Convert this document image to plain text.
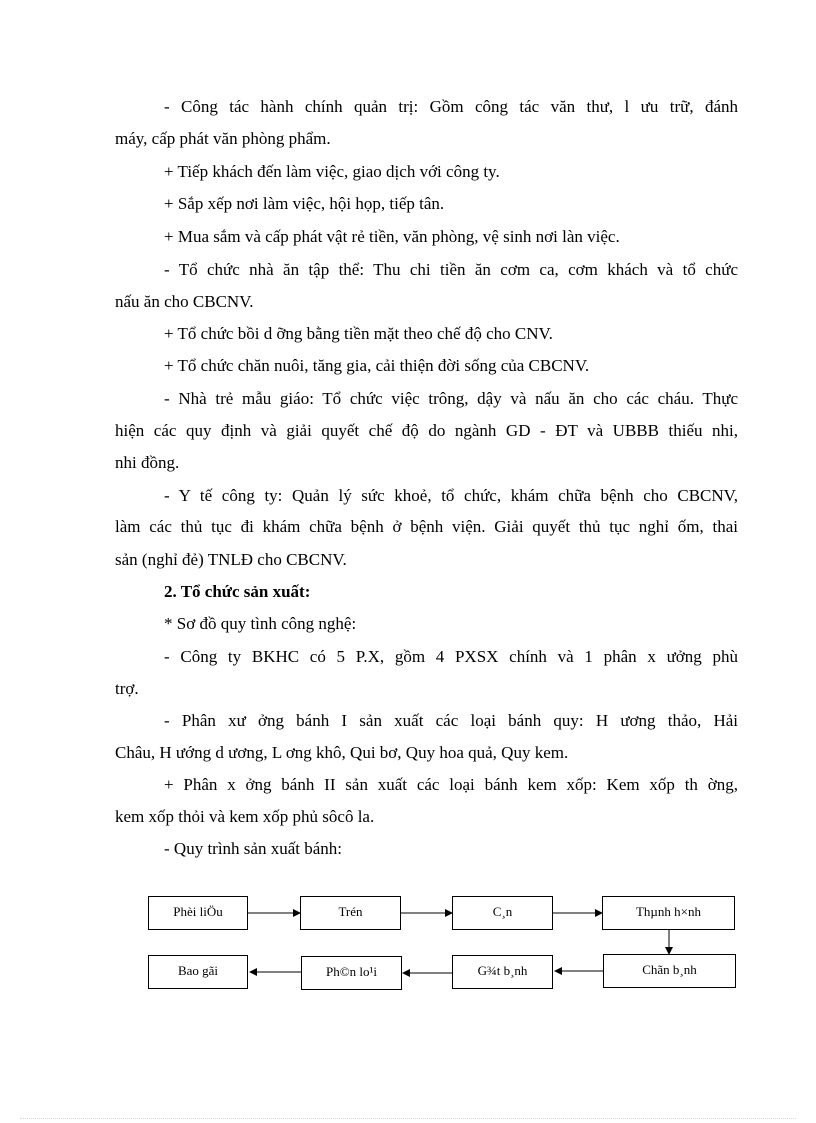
- Công tác hành chính quản trị: Gồm công tác văn thư, l ưu trữ, đánh
máy, cấp phát văn phòng phẩm.
+ Tiếp khách đến làm việc, giao dịch với công ty.
+ Sắp xếp nơi làm việc, hội họp, tiếp tân.
+ Mua sắm và cấp phát vật rẻ tiền, văn phòng, vệ sinh nơi làn việc.
- Tổ chức nhà ăn tập thể: Thu chi tiền ăn cơm ca, cơm khách và tổ chức
nấu ăn cho CBCNV.
+ Tổ chức bồi d ỡng bằng tiền mặt theo chế độ cho CNV.
+ Tổ chức chăn nuôi, tăng gia, cải thiện đời sống của CBCNV.
- Nhà trẻ mẫu giáo: Tổ chức việc trông, dậy và nấu ăn cho các cháu. Thực
hiện các quy định và giải quyết chế độ do ngành GD - ĐT và UBBB thiếu nhi,
nhi đồng.
- Y tế công ty: Quản lý sức khoẻ, tổ chức, khám chữa bệnh cho CBCNV,
làm các thủ tục đi khám chữa bệnh ở bệnh viện. Giải quyết thủ tục nghỉ ốm, thai
sản (nghỉ đẻ) TNLĐ cho CBCNV.
2. Tổ chức sản xuất:
* Sơ đồ quy tình công nghệ:
- Công ty BKHC có 5 P.X, gồm 4 PXSX chính và 1 phân x ưởng phù
trợ.
- Phân xư ởng bánh I sản xuất các loại bánh quy: H ương thảo, Hải
Châu, H ướng d ương, L ơng khô, Qui bơ, Quy hoa quả, Quy kem.
+ Phân x ởng bánh II sản xuất các loại bánh kem xốp: Kem xốp th ờng,
kem xốp thỏi và kem xốp phủ sôcô la.
- Quy trình sản xuất bánh:
Phèi liÖu	Trén	C¸n	Thµnh h×nh
Bao gãi	Ph©n lo¹i	G¾t b¸nh	Chãn b¸nh
